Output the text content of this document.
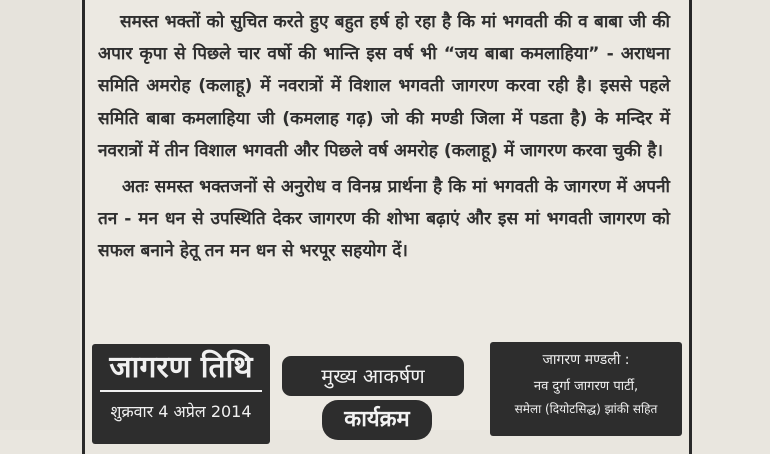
समस्त भक्तों को सुचित करते हुए बहुत हर्ष हो रहा है कि मां भगवती की व बाबा जी की अपार कृपा से पिछले चार वर्षो की भान्ति इस वर्ष भी “जय बाबा कमलाहिया” - अराधना समिति अमरोह (कलाहू) में नवरात्रों में विशाल भगवती जागरण करवा रही है। इससे पहले समिति बाबा कमलाहिया जी (कमलाह गढ़) जो की मण्डी जिला में पडता है) के मन्दिर में नवरात्रों में तीन विशाल भगवती और पिछले वर्ष अमरोह (कलाहू) में जागरण करवा चुकी है।

अतः समस्त भक्तजनों से अनुरोध व विनम्र प्रार्थना है कि मां भगवती के जागरण में अपनी तन - मन धन से उपस्थिति देकर जागरण की शोभा बढ़ाएं और इस मां भगवती जागरण को सफल बनाने हेतू तन मन धन से भरपूर सहयोग दें।

जागरण तिथि
शुक्रवार 4 अप्रेल 2014
मुख्य आकर्षण
कार्यक्रम
जागरण मण्डली :
नव दुर्गा जागरण पार्टी,
समेला (दियोटसिद्ध) झांकी सहित
